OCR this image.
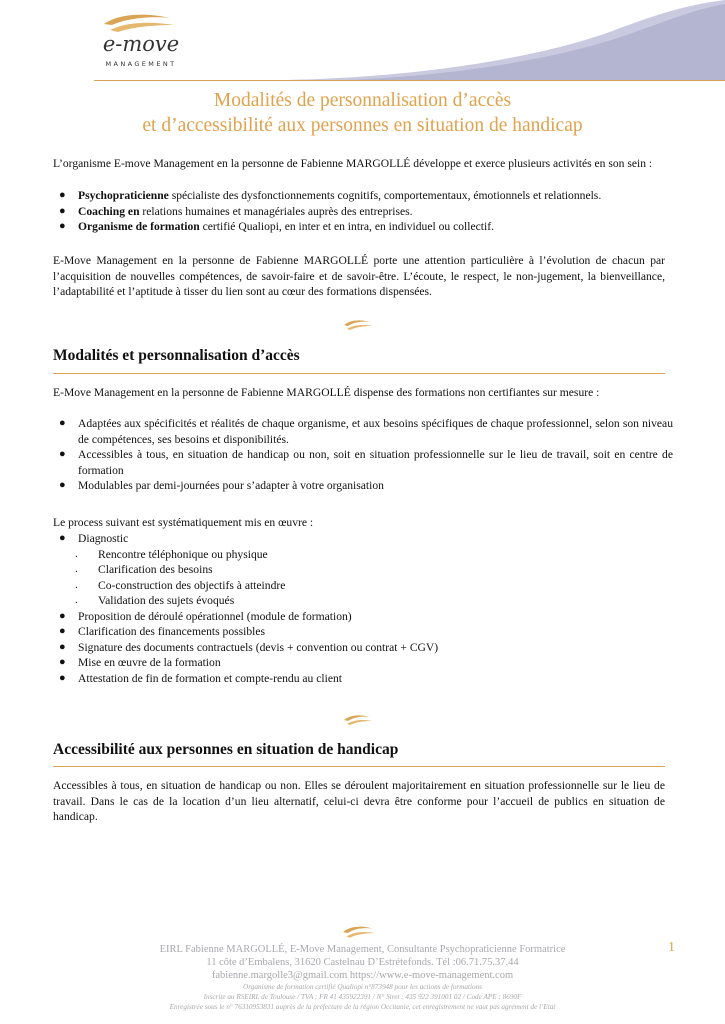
e-move
MANAGEMENT
Modalités de personnalisation d’accès
et d’accessibilité aux personnes en situation de handicap

L’organisme E-move Management en la personne de Fabienne MARGOLLÉ développe et exerce plusieurs activités en son sein :

● Psychopraticienne spécialiste des dysfonctionnements cognitifs, comportementaux, émotionnels et relationnels.
● Coaching en relations humaines et managériales auprès des entreprises.
● Organisme de formation certifié Qualiopi, en inter et en intra, en individuel ou collectif.

E-Move Management en la personne de Fabienne MARGOLLÉ porte une attention particulière à l’évolution de chacun par l’acquisition de nouvelles compétences, de savoir-faire et de savoir-être. L’écoute, le respect, le non-jugement, la bienveillance, l’adaptabilité et l’aptitude à tisser du lien sont au cœur des formations dispensées.

Modalités et personnalisation d’accès

E-Move Management en la personne de Fabienne MARGOLLÉ dispense des formations non certifiantes sur mesure :

● Adaptées aux spécificités et réalités de chaque organisme, et aux besoins spécifiques de chaque professionnel, selon son niveau de compétences, ses besoins et disponibilités.
● Accessibles à tous, en situation de handicap ou non, soit en situation professionnelle sur le lieu de travail, soit en centre de formation
● Modulables par demi-journées pour s’adapter à votre organisation

Le process suivant est systématiquement mis en œuvre :

● Diagnostic
. Rencontre téléphonique ou physique
. Clarification des besoins
. Co-construction des objectifs à atteindre
. Validation des sujets évoqués
● Proposition de déroulé opérationnel (module de formation)
● Clarification des financements possibles
● Signature des documents contractuels (devis + convention ou contrat + CGV)
● Mise en œuvre de la formation
● Attestation de fin de formation et compte-rendu au client
Accessibilité aux personnes en situation de handicap

Accessibles à tous, en situation de handicap ou non. Elles se déroulent majoritairement en situation professionnelle sur le lieu de travail. Dans le cas de la location d’un lieu alternatif, celui-ci devra être conforme pour l’accueil de publics en situation de handicap.

1
EIRL Fabienne MARGOLLÉ, E-Move Management, Consultante Psychopraticienne Formatrice
11 côte d’Embalens, 31620 Castelnau D’Estrétefonds. Tél :06.71.75.37.44
fabienne.margolle3@gmail.com https://www.e-move-management.com
Organisme de formation certifié Qualiopi n°873948 pour les actions de formations
Inscrite au RSEIRL de Toulouse / TVA : FR 41 435922391 / N° Siret : 435 922 391001 02 / Code APE : 8690F
Enregistrée sous le n° 76310953831 auprès de la préfecture de la région Occitanie, cet enregistrement ne vaut pas agrément de l’Etat
